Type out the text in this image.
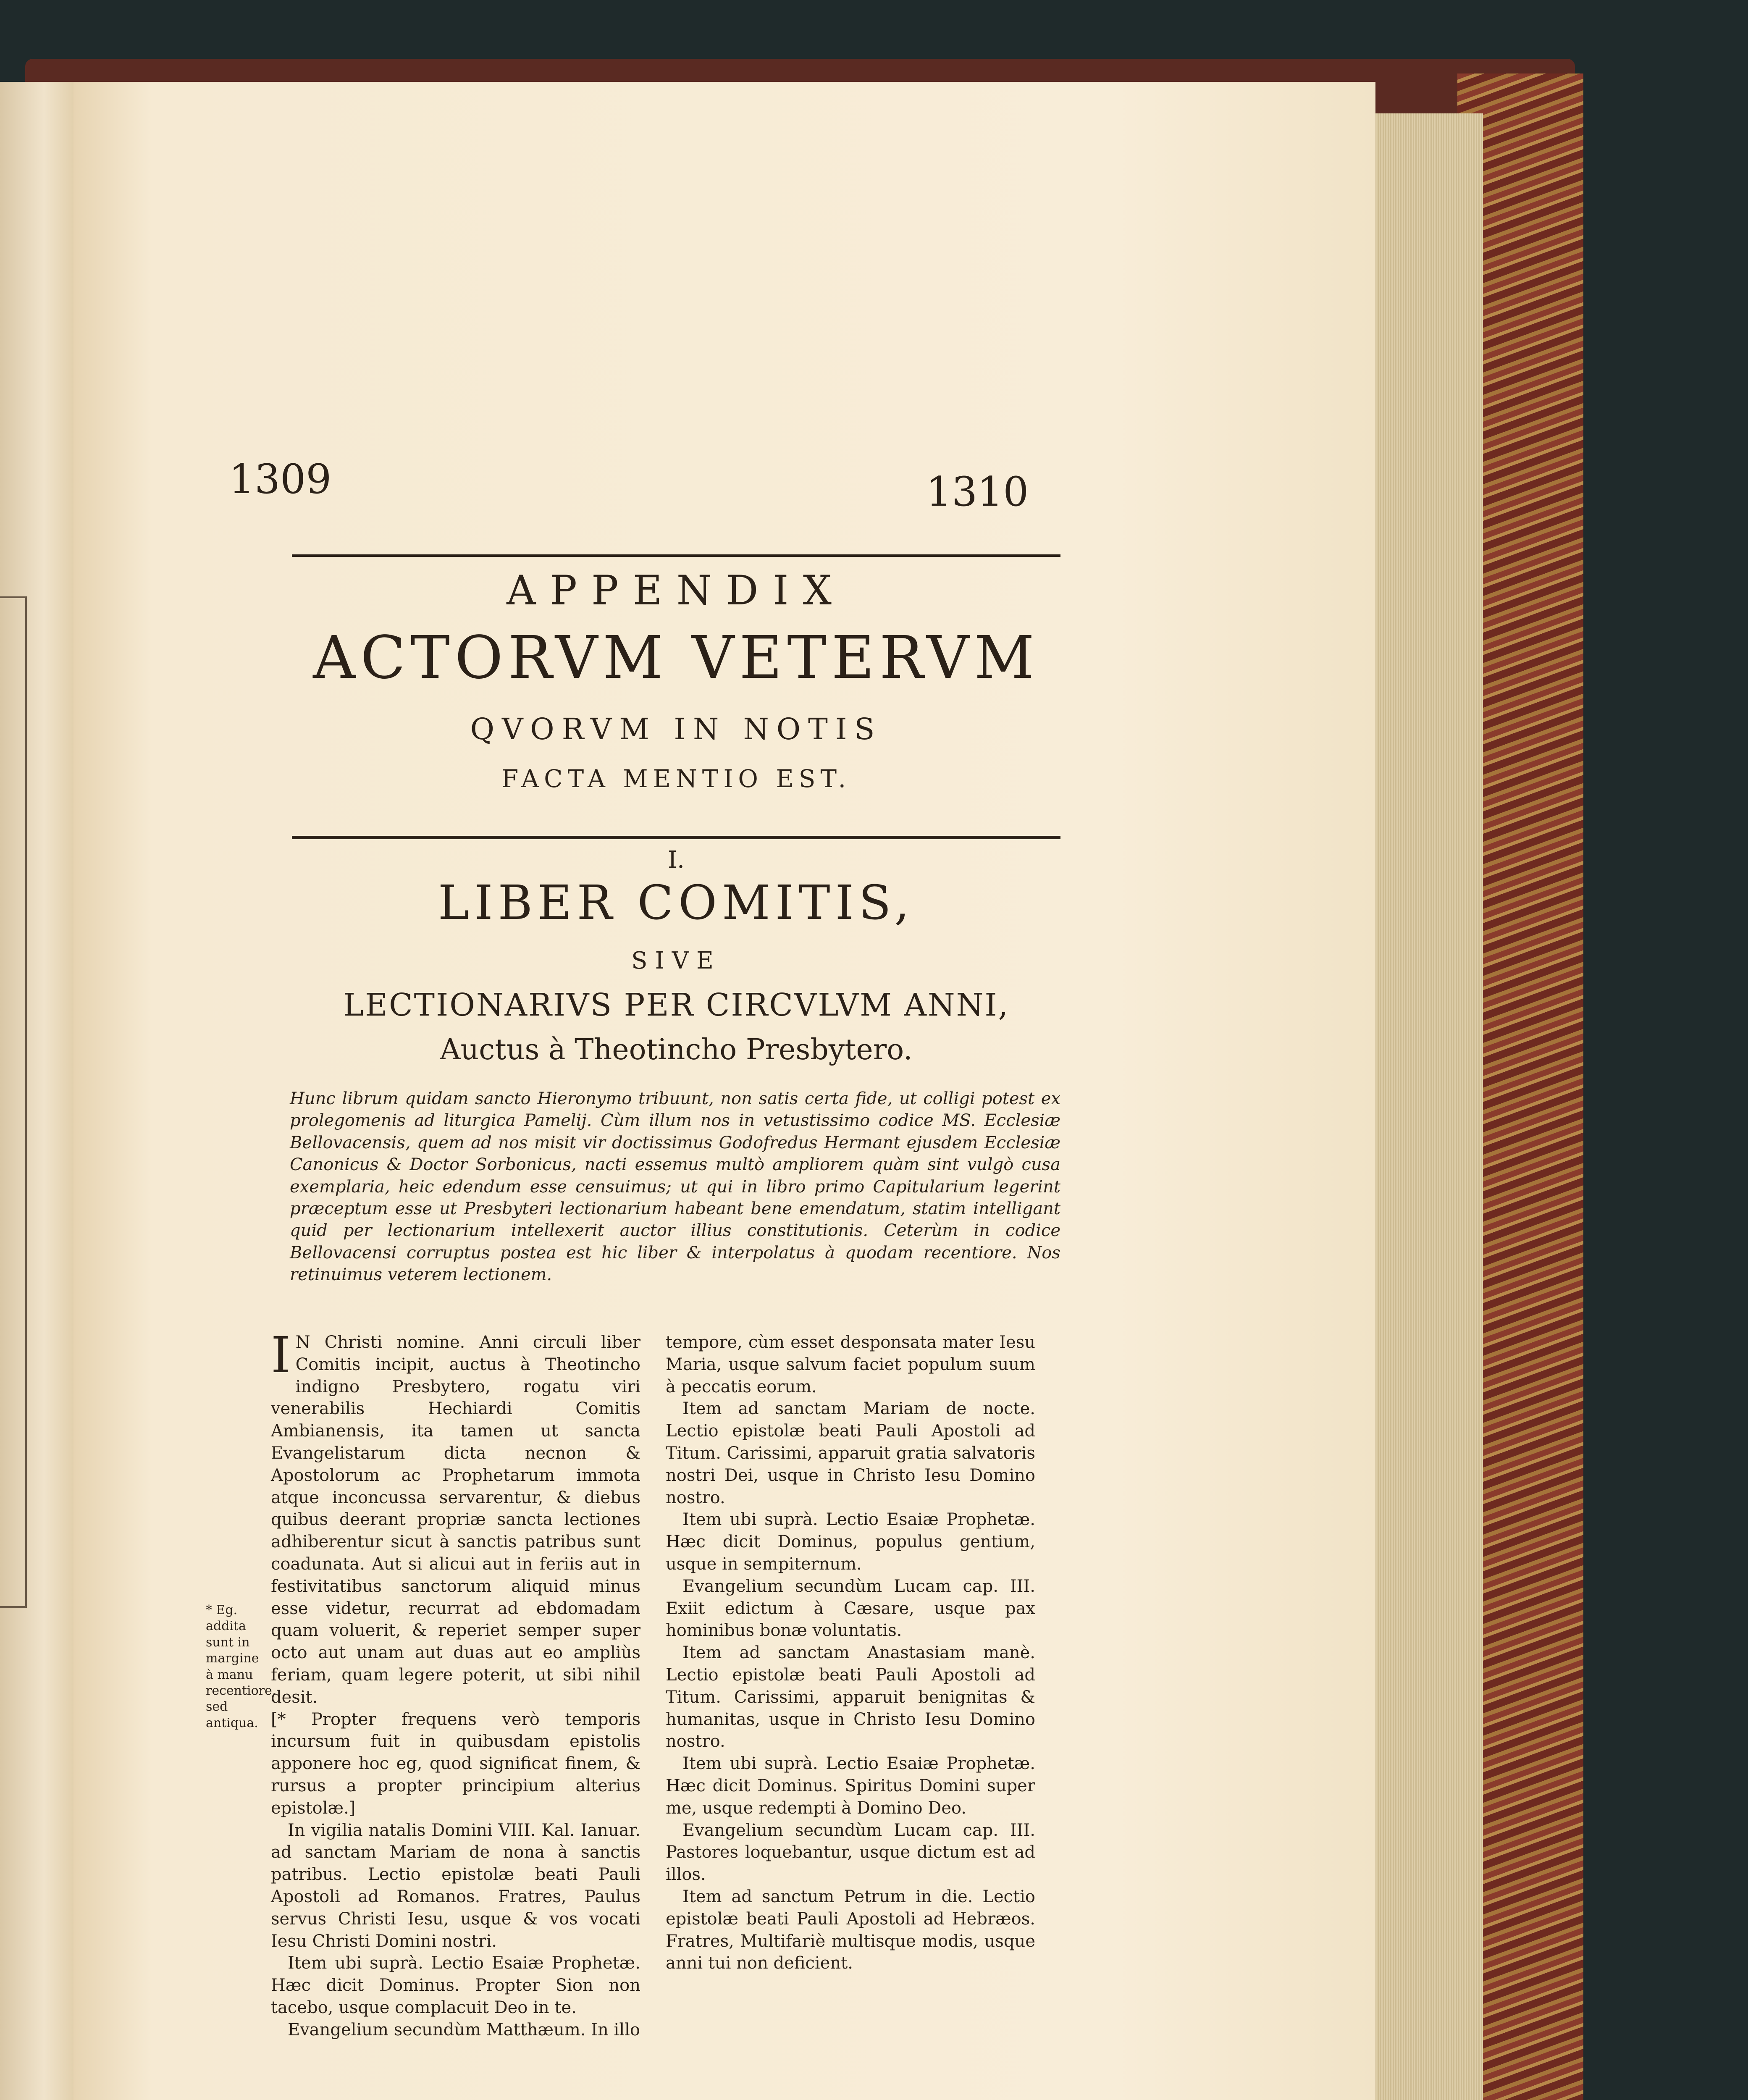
1309	1310
APPENDIX
ACTORVM VETERVM
QVORVM IN NOTIS
FACTA MENTIO EST.
I.
LIBER COMITIS,
SIVE
LECTIONARIVS PER CIRCVLVM ANNI,
Auctus à Theotincho Presbytero.
Hunc librum quidam sancto Hieronymo tribuunt, non satis certa fide, ut colligi potest ex prolegomenis ad liturgica Pamelij. Cùm illum nos in vetustissimo codice MS. Ecclesiæ Bellovacensis, quem ad nos misit vir doctissimus Godofredus Hermant ejusdem Ecclesiæ Canonicus & Doctor Sorbonicus, nacti essemus multò ampliorem quàm sint vulgò cusa exemplaria, heic edendum esse censuimus; ut qui in libro primo Capitularium legerint præceptum esse ut Presbyteri lectionarium habeant bene emendatum, statim intelligant quid per lectionarium intellexerit auctor illius constitutionis. Ceterùm in codice Bellovacensi corruptus postea est hic liber & interpolatus à quodam recentiore. Nos retinuimus veterem lectionem.
* Eg. addita sunt in margine à manu recentiore, sed antiqua.
I N Christi nomine. Anni circuli liber Comitis incipit, auctus à Theotincho indigno Presbytero, rogatu viri venerabilis Hechiardi Comitis Ambianensis, ita tamen ut sancta Evangelistarum dicta necnon & Apostolorum ac Prophetarum immota atque inconcussa servarentur, & diebus quibus deerant propriæ sancta lectiones adhiberentur sicut à sanctis patribus sunt coadunata. Aut si alicui aut in feriis aut in festivitatibus sanctorum aliquid minus esse videtur, recurrat ad ebdomadam quam voluerit, & reperiet semper super octo aut unam aut duas aut eo ampliùs feriam, quam legere poterit, ut sibi nihil desit.

[* Propter frequens verò temporis incursum fuit in quibusdam epistolis apponere hoc eg, quod significat finem, & rursus a propter principium alterius epistolæ.]

In vigilia natalis Domini VIII. Kal. Ianuar. ad sanctam Mariam de nona à sanctis patribus. Lectio epistolæ beati Pauli Apostoli ad Romanos. Fratres, Paulus servus Christi Iesu, usque & vos vocati Iesu Christi Domini nostri.

Item ubi suprà. Lectio Esaiæ Prophetæ. Hæc dicit Dominus. Propter Sion non tacebo, usque complacuit Deo in te.

Evangelium secundùm Matthæum. In illo

tempore, cùm esset desponsata mater Iesu Maria, usque salvum faciet populum suum à peccatis eorum.

Item ad sanctam Mariam de nocte. Lectio epistolæ beati Pauli Apostoli ad Titum. Carissimi, apparuit gratia salvatoris nostri Dei, usque in Christo Iesu Domino nostro.

Item ubi suprà. Lectio Esaiæ Prophetæ. Hæc dicit Dominus, populus gentium, usque in sempiternum.

Evangelium secundùm Lucam cap. III. Exiit edictum à Cæsare, usque pax hominibus bonæ voluntatis.

Item ad sanctam Anastasiam manè. Lectio epistolæ beati Pauli Apostoli ad Titum. Carissimi, apparuit benignitas & humanitas, usque in Christo Iesu Domino nostro.

Item ubi suprà. Lectio Esaiæ Prophetæ. Hæc dicit Dominus. Spiritus Domini super me, usque redempti à Domino Deo.

Evangelium secundùm Lucam cap. III. Pastores loquebantur, usque dictum est ad illos.

Item ad sanctum Petrum in die. Lectio epistolæ beati Pauli Apostoli ad Hebræos. Fratres, Multifariè multisque modis, usque anni tui non deficient.
